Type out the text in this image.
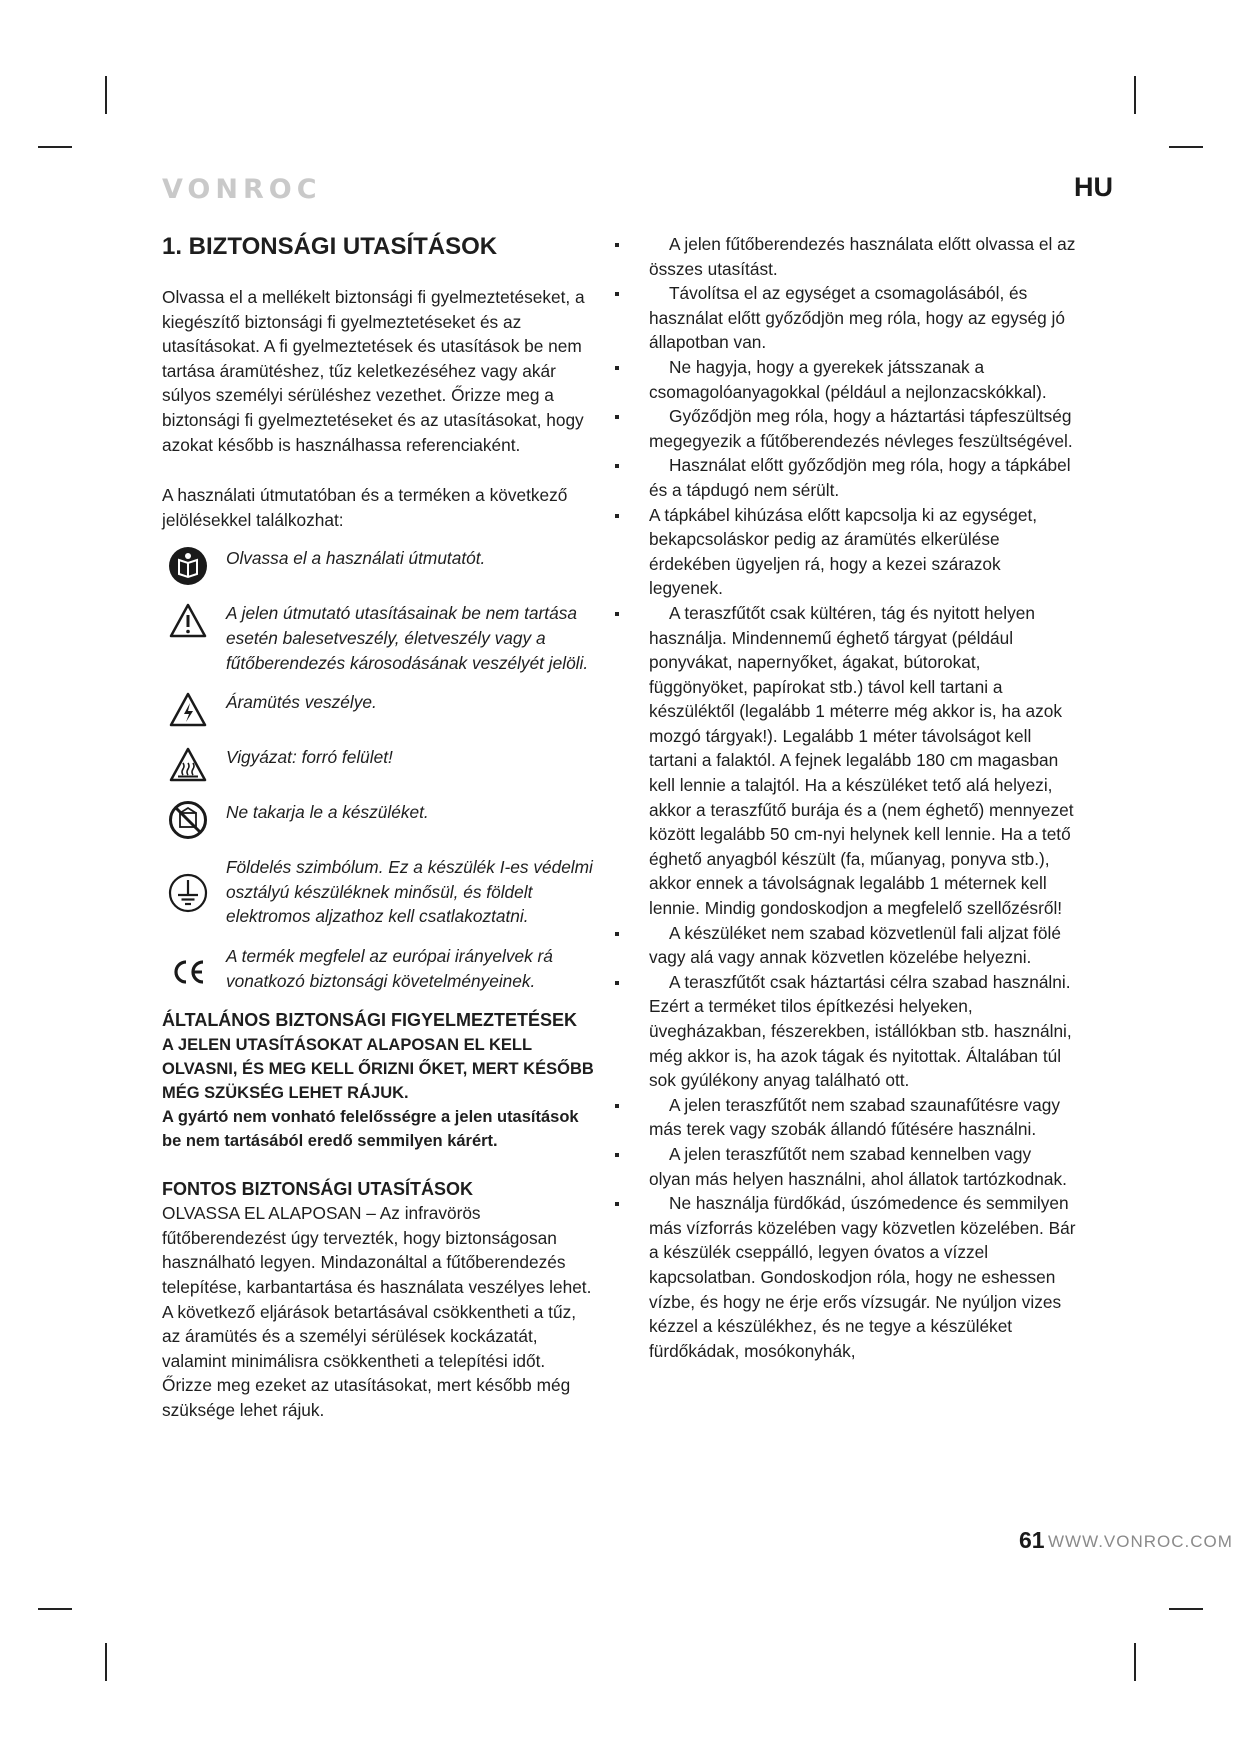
VONROC	HU
1. BIZTONSÁGI UTASÍTÁSOK
Olvassa el a mellékelt biztonsági fi gyelmeztetéseket, a kiegészítő biztonsági fi gyelmeztetéseket és az utasításokat. A fi gyelmeztetések és utasítások be nem tartása áramütéshez, tűz keletkezéséhez vagy akár súlyos személyi sérüléshez vezethet. Őrizze meg a biztonsági fi gyelmeztetéseket és az utasításokat, hogy azokat később is használhassa referenciaként.
A használati útmutatóban és a terméken a következő jelölésekkel találkozhat:
Olvassa el a használati útmutatót.
A jelen útmutató utasításainak be nem tartása esetén balesetveszély, életveszély vagy a fűtőberendezés károsodásának veszélyét jelöli.
Áramütés veszélye.
Vigyázat: forró felület!
Ne takarja le a készüléket.
Földelés szimbólum. Ez a készülék I-es védelmi osztályú készüléknek minősül, és földelt elektromos aljzathoz kell csatlakoztatni.
A termék megfelel az európai irányelvek rá vonatkozó biztonsági követelményeinek.
ÁLTALÁNOS BIZTONSÁGI FIGYELMEZTETÉSEK
A JELEN UTASÍTÁSOKAT ALAPOSAN EL KELL OLVASNI, ÉS MEG KELL ŐRIZNI ŐKET, MERT KÉSŐBB MÉG SZÜKSÉG LEHET RÁJUK.
A gyártó nem vonható felelősségre a jelen utasítások be nem tartásából eredő semmilyen kárért.
FONTOS BIZTONSÁGI UTASÍTÁSOK
OLVASSA EL ALAPOSAN – Az infravörös fűtőberendezést úgy tervezték, hogy biztonságosan használható legyen. Mindazonáltal a fűtőberendezés telepítése, karbantartása és használata veszélyes lehet. A következő eljárások betartásával csökkentheti a tűz, az áramütés és a személyi sérülések kockázatát, valamint minimálisra csökkentheti a telepítési időt. Őrizze meg ezeket az utasításokat, mert később még szüksége lehet rájuk.
A jelen fűtőberendezés használata előtt olvassa el az összes utasítást.
Távolítsa el az egységet a csomagolásából, és használat előtt győződjön meg róla, hogy az egység jó állapotban van.
Ne hagyja, hogy a gyerekek játsszanak a csomagolóanyagokkal (például a nejlonzacskókkal).
Győződjön meg róla, hogy a háztartási tápfeszültség megegyezik a fűtőberendezés névleges feszültségével.
Használat előtt győződjön meg róla, hogy a tápkábel és a tápdugó nem sérült.
A tápkábel kihúzása előtt kapcsolja ki az egységet, bekapcsoláskor pedig az áramütés elkerülése érdekében ügyeljen rá, hogy a kezei szárazok legyenek.
A teraszfűtőt csak kültéren, tág és nyitott helyen használja. Mindennemű éghető tárgyat (például ponyvákat, napernyőket, ágakat, bútorokat, függönyöket, papírokat stb.) távol kell tartani a készüléktől (legalább 1 méterre még akkor is, ha azok mozgó tárgyak!). Legalább 1 méter távolságot kell tartani a falaktól. A fejnek legalább 180 cm magasban kell lennie a talajtól. Ha a készüléket tető alá helyezi, akkor a teraszfűtő burája és a (nem éghető) mennyezet között legalább 50 cm-nyi helynek kell lennie. Ha a tető éghető anyagból készült (fa, műanyag, ponyva stb.), akkor ennek a távolságnak legalább 1 méternek kell lennie. Mindig gondoskodjon a megfelelő szellőzésről!
A készüléket nem szabad közvetlenül fali aljzat fölé vagy alá vagy annak közvetlen közelébe helyezni.
A teraszfűtőt csak háztartási célra szabad használni. Ezért a terméket tilos építkezési helyeken, üvegházakban, fészerekben, istállókban stb. használni, még akkor is, ha azok tágak és nyitottak. Általában túl sok gyúlékony anyag található ott.
A jelen teraszfűtőt nem szabad szaunafűtésre vagy más terek vagy szobák állandó fűtésére használni.
A jelen teraszfűtőt nem szabad kennelben vagy olyan más helyen használni, ahol állatok tartózkodnak.
Ne használja fürdőkád, úszómedence és semmilyen más vízforrás közelében vagy közvetlen közelében. Bár a készülék cseppálló, legyen óvatos a vízzel kapcsolatban. Gondoskodjon róla, hogy ne eshessen vízbe, és hogy ne érje erős vízsugár. Ne nyúljon vizes kézzel a készülékhez, és ne tegye a készüléket fürdőkádak, mosókonyhák,
61 WWW.VONROC.COM
